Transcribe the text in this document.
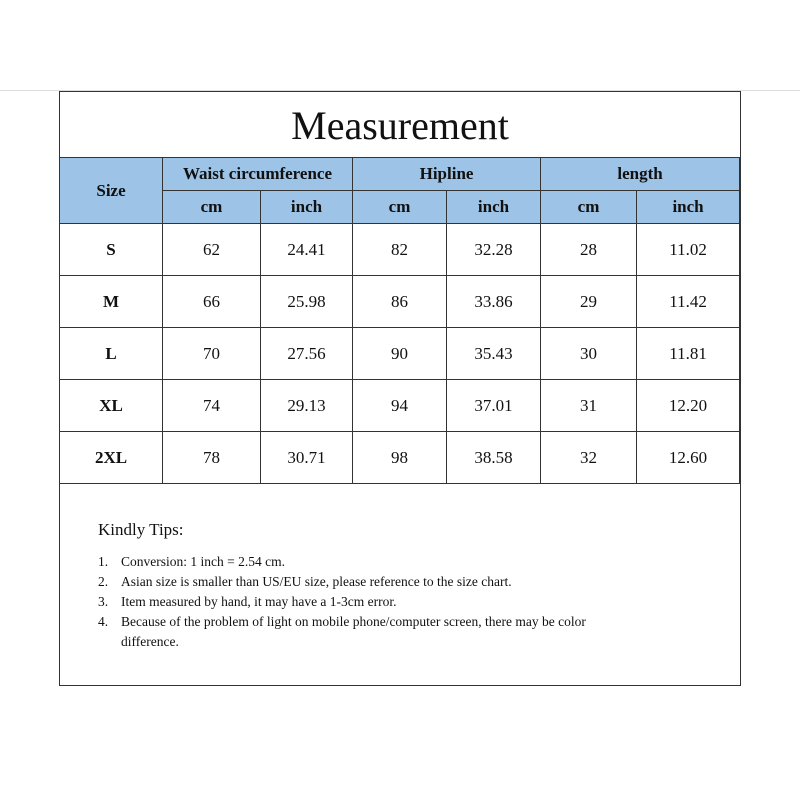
Measurement
Size	Waist circumference		Hipline		length	
	cm	inch	cm	inch	cm	inch
S	62	24.41	82	32.28	28	11.02
M	66	25.98	86	33.86	29	11.42
L	70	27.56	90	35.43	30	11.81
XL	74	29.13	94	37.01	31	12.20
2XL	78	30.71	98	38.58	32	12.60
Kindly Tips:
1. Conversion: 1 inch = 2.54 cm.
2. Asian size is smaller than US/EU size, please reference to the size chart.
3. Item measured by hand, it may have a 1-3cm error.
4. Because of the problem of light on mobile phone/computer screen, there may be color difference.
